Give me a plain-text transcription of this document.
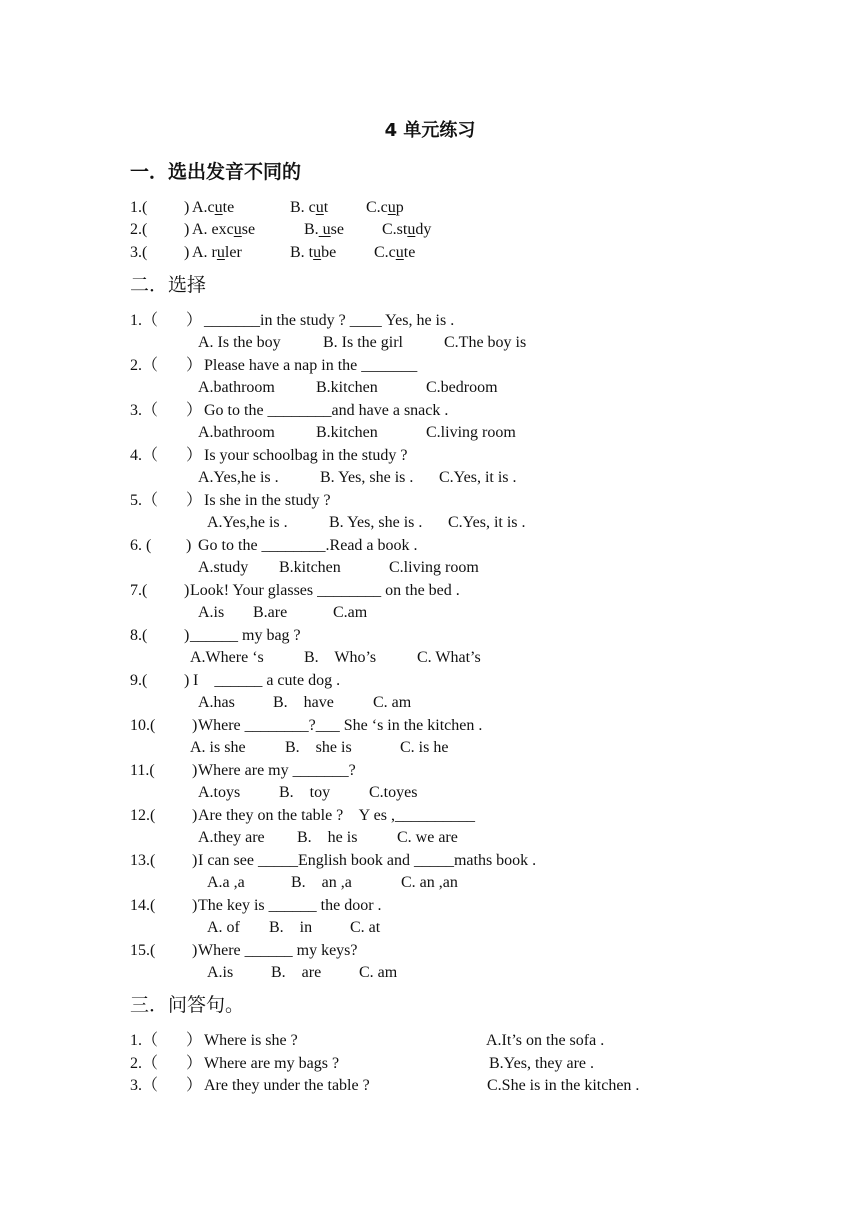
4 单元练习
一．选出发音不同的
1.( ) A.cute	B. cut C.cup
2.( ) A. excuse	B. use C.study
3.( ) A. ruler	B. tube C.cute
二．选择
1.（ ） _______in the study ? ____ Yes, he is .
A. Is the boy	B. Is the girl	C.The boy is
2.（ ） Please have a nap in the _______
A.bathroom	B.kitchen	C.bedroom
3.（ ） Go to the ________and have a snack .
A.bathroom	B.kitchen	C.living room
4.（ ） Is your schoolbag in the study ?
A.Yes,he is .	B. Yes, she is . C.Yes, it is .
5.（ ） Is she in the study ?
A.Yes,he is .	B. Yes, she is . C.Yes, it is .
6. ( ) Go to the ________.Read a book .
A.study B.kitchen	C.living room
7.( ) Look! Your glasses ________ on the bed .
A.is B.are	C.am
8.( ) ______ my bag ?
A.Where ‘s	B.    Who’s	C. What’s
9.( ) I    ______ a cute dog .
A.has B.    have C. am
10.( ) Where ________?___ She ‘s in the kitchen .
A. is she B.    she is	C. is he
11.( ) Where are my _______?
A.toys B.    toy C.toyes
12.( ) Are they on the table ?    Y es ,__________
A.they are B.    he is C. we are
13.( ) I can see _____English book and _____maths book .
A.a ,a	B.    an ,a	C. an ,an
14.( ) The key is ______ the door .
A. of B.    in C. at
15.( ) Where ______ my keys?
A.is B.    are C. am
三．问答句。
1.（ ） Where is she ?	A.It’s on the sofa .
2.（ ） Where are my bags ?	B.Yes, they are .
3.（ ） Are they under the table ?	C.She is in the kitchen .
